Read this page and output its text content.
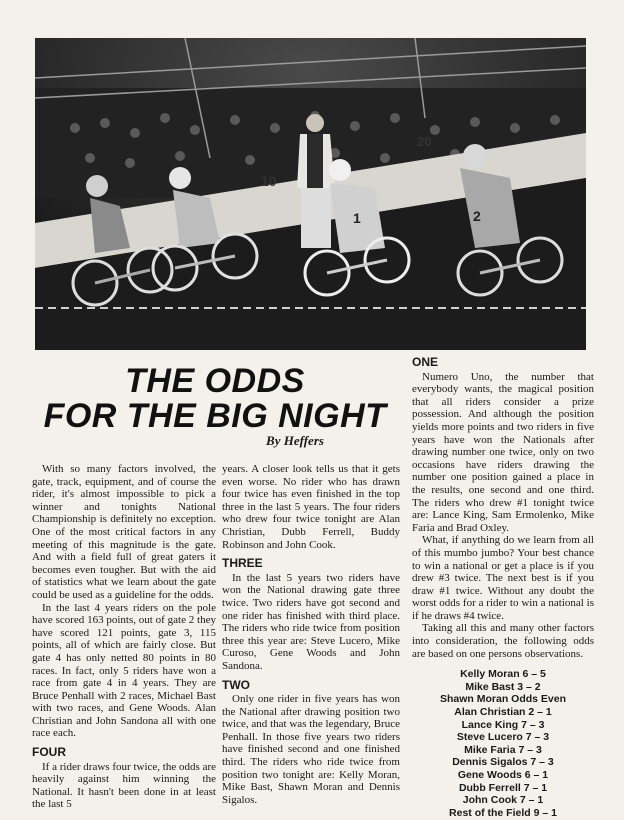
10
20
1	2
THE ODDS
FOR THE BIG NIGHT
By Heffers

With so many factors involved, the gate, track, equipment, and of course the rider, it's almost impossible to pick a winner and tonights National Championship is definitely no exception. One of the most critical factors in any meeting of this magnitude is the gate. And with a field full of great gaters it becomes even tougher. But with the aid of statistics what we learn about the gate could be used as a guideline for the odds.

In the last 4 years riders on the pole have scored 163 points, out of gate 2 they have scored 121 points, gate 3, 115 points, all of which are fairly close. But gate 4 has only netted 80 points in 80 races. In fact, only 5 riders have won a race from gate 4 in 4 years. They are Bruce Penhall with 2 races, Michael Bast with two races, and Gene Woods. Alan Christian and John Sandona all with one race each.

FOUR

If a rider draws four twice, the odds are heavily against him winning the National. It hasn't been done in at least the last 5

years. A closer look tells us that it gets even worse. No rider who has drawn four twice has even finished in the top three in the last 5 years. The four riders who drew four twice tonight are Alan Christian, Dubb Ferrell, Buddy Robinson and John Cook.

THREE

In the last 5 years two riders have won the National drawing gate three twice. Two riders have got second and one rider has finished with third place. The riders who ride twice from position three this year are: Steve Lucero, Mike Curoso, Gene Woods and John Sandona.

TWO

Only one rider in five years has won the National after drawing position two twice, and that was the legendary, Bruce Penhall. In those five years two riders have finished second and one finished third. The riders who ride twice from position two tonight are: Kelly Moran, Mike Bast, Shawn Moran and Dennis Sigalos.

ONE

Numero Uno, the number that everybody wants, the magical position that all riders consider a prize possession. And although the position yields more points and two riders in five years have won the Nationals after drawing number one twice, only on two occasions have riders drawing the number one position gained a place in the results, one second and one third. The riders who drew #1 tonight twice are: Lance King, Sam Ermolenko, Mike Faria and Brad Oxley.

What, if anything do we learn from all of this mumbo jumbo? Your best chance to win a national or get a place is if you drew #3 twice. The next best is if you draw #1 twice. Without any doubt the worst odds for a rider to win a national is if he draws #4 twice.

Taking all this and many other factors into consideration, the following odds are based on one persons observations.

Kelly Moran 6 – 5
Mike Bast 3 – 2
Shawn Moran Odds Even
Alan Christian 2 – 1
Lance King 7 – 3
Steve Lucero 7 – 3
Mike Faria 7 – 3
Dennis Sigalos 7 – 3
Gene Woods 6 – 1
Dubb Ferrell 7 – 1
John Cook 7 – 1
Rest of the Field 9 – 1
